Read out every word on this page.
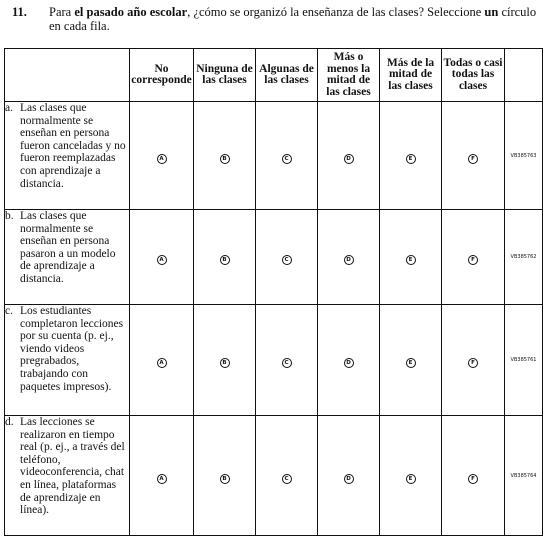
11. Para el pasado año escolar, ¿cómo se organizó la enseñanza de las clases? Seleccione un círculo en cada fila.

	No corresponde	Ninguna de las clases	Algunas de las clases	Más o menos la mitad de las clases	Más de la mitad de las clases	Todas o casi todas las clases	

a. Las clases que normalmente se enseñan en persona fueron canceladas y no fueron reemplazadas con aprendizaje a distancia.	A	B	C	D	E	F	VB385763

b. Las clases que normalmente se enseñan en persona pasaron a un modelo de aprendizaje a distancia.	A	B	C	D	E	F	VB385762

c. Los estudiantes completaron lecciones por su cuenta (p. ej., viendo videos pregrabados, trabajando con paquetes impresos).	A	B	C	D	E	F	VB385761

d. Las lecciones se realizaron en tiempo real (p. ej., a través del teléfono, videoconferencia, chat en línea, plataformas de aprendizaje en línea).	A	B	C	D	E	F	VB385764
